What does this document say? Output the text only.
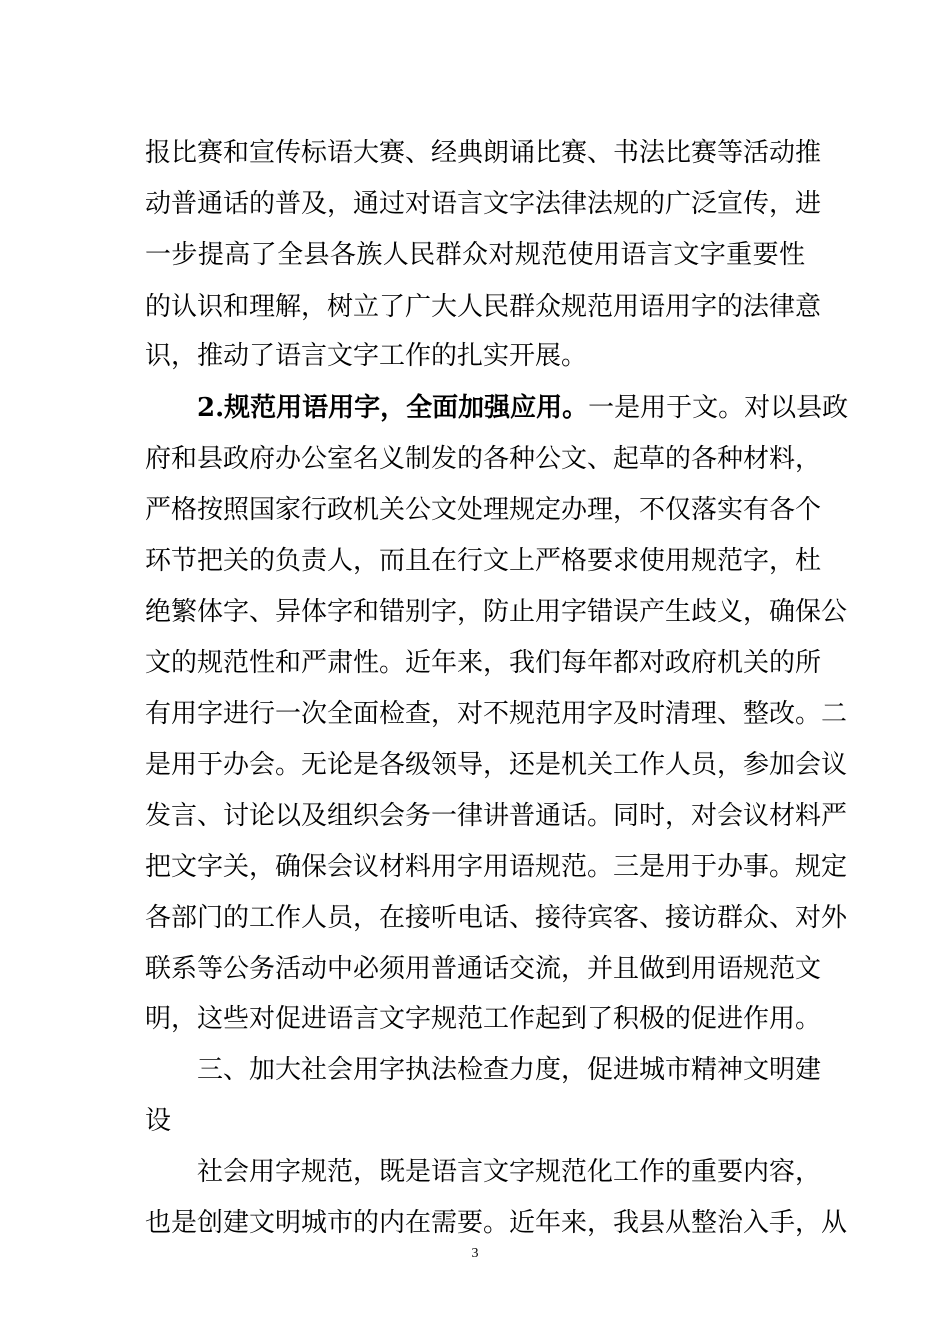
报比赛和宣传标语大赛、经典朗诵比赛、书法比赛等活动推
动普通话的普及，通过对语言文字法律法规的广泛宣传，进
一步提高了全县各族人民群众对规范使用语言文字重要性
的认识和理解，树立了广大人民群众规范用语用字的法律意
识，推动了语言文字工作的扎实开展。
2.规范用语用字，全面加强应用。一是用于文。对以县政
府和县政府办公室名义制发的各种公文、起草的各种材料，
严格按照国家行政机关公文处理规定办理，不仅落实有各个
环节把关的负责人，而且在行文上严格要求使用规范字，杜
绝繁体字、异体字和错别字，防止用字错误产生歧义，确保公
文的规范性和严肃性。近年来，我们每年都对政府机关的所
有用字进行一次全面检查，对不规范用字及时清理、整改。二
是用于办会。无论是各级领导，还是机关工作人员，参加会议
发言、讨论以及组织会务一律讲普通话。同时，对会议材料严
把文字关，确保会议材料用字用语规范。三是用于办事。规定
各部门的工作人员，在接听电话、接待宾客、接访群众、对外
联系等公务活动中必须用普通话交流，并且做到用语规范文
明，这些对促进语言文字规范工作起到了积极的促进作用。
三、加大社会用字执法检查力度，促进城市精神文明建
设
社会用字规范，既是语言文字规范化工作的重要内容，
也是创建文明城市的内在需要。近年来，我县从整治入手，从
3
